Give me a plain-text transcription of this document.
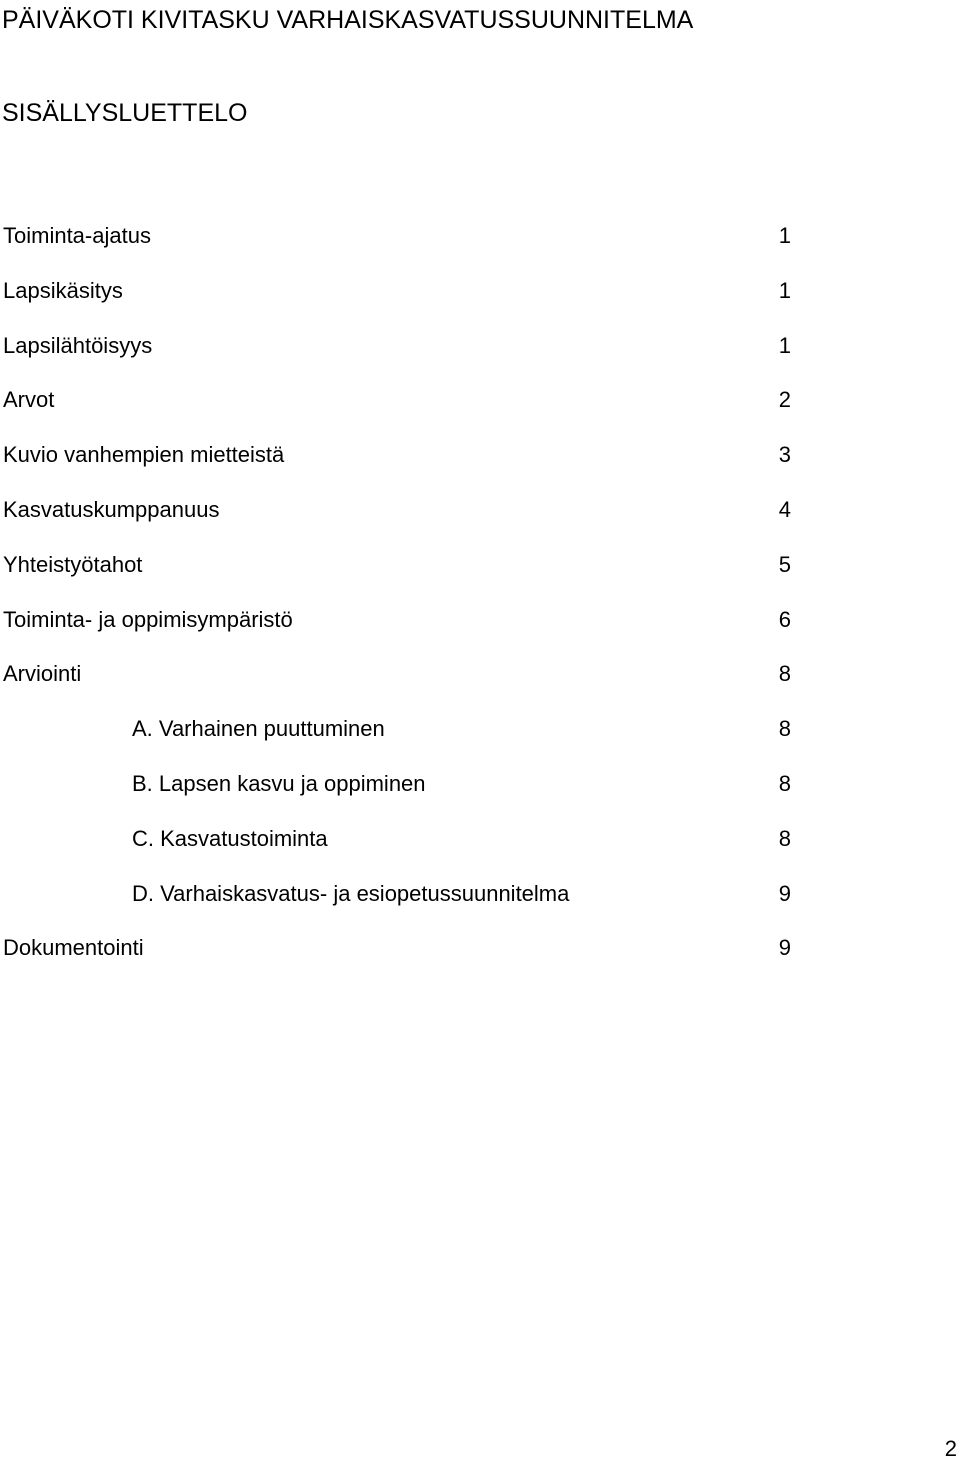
PÄIVÄKOTI KIVITASKU VARHAISKASVATUSSUUNNITELMA
SISÄLLYSLUETTELO
Toiminta-ajatus	1
Lapsikäsitys	1
Lapsilähtöisyys	1
Arvot	2
Kuvio vanhempien mietteistä	3
Kasvatuskumppanuus	4
Yhteistyötahot	5
Toiminta- ja oppimisympäristö	6
Arviointi	8
A. Varhainen puuttuminen	8
B. Lapsen kasvu ja oppiminen	8
C. Kasvatustoiminta	8
D. Varhaiskasvatus- ja esiopetussuunnitelma	9
Dokumentointi	9
2
